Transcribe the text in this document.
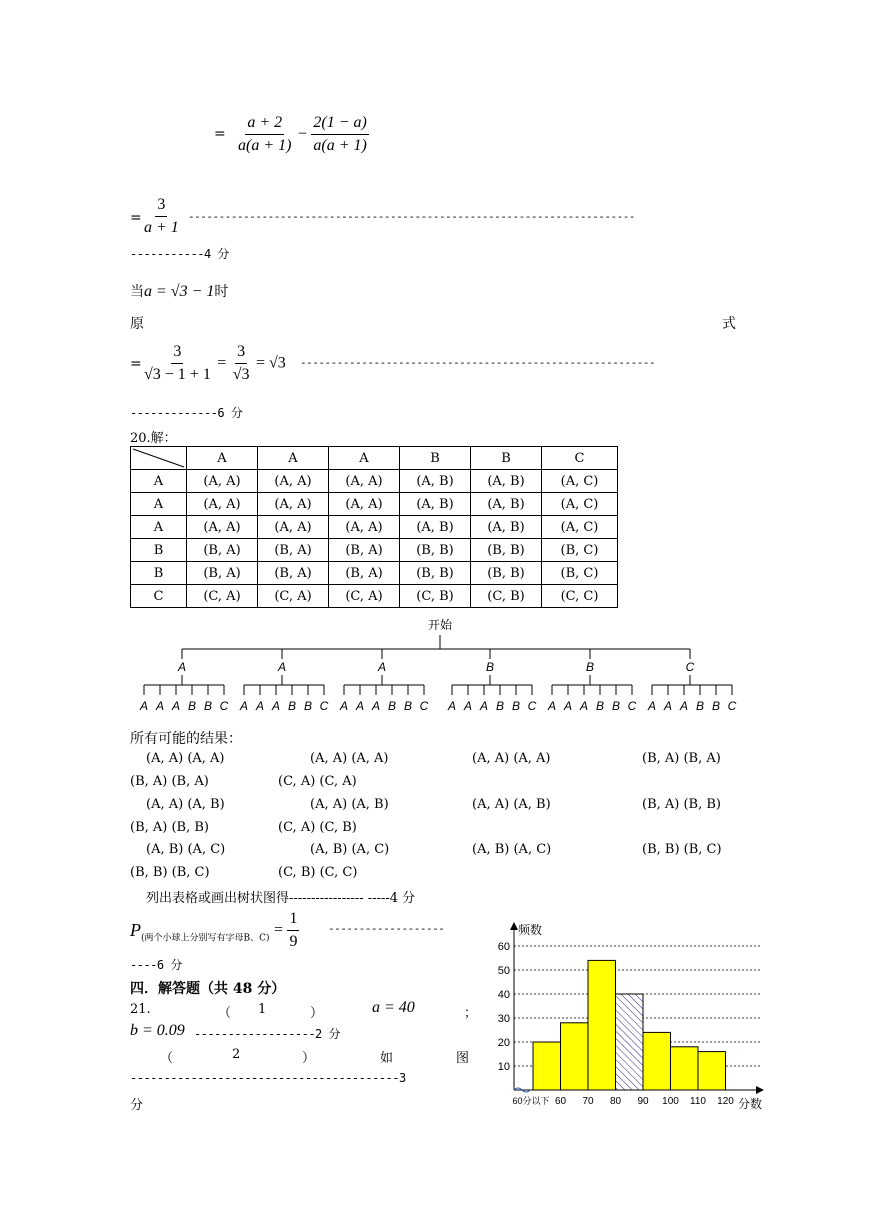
= $\frac{a + 2}{a(a + 1)} - \frac{2(1 - a)}{a(a + 1)}$
= $\frac{3}{a + 1}$ -------------------------------------------------------------------------
-----------4 分
当a = √3 − 1时
原	式
= $\frac{3}{√3 - 1 + 1} = \frac{3}{√3} = √3$ ----------------------------------------------------------
-------------6 分
20.解：
	A	A	A	B	B	C
A	(A, A)	(A, A)	(A, A)	(A, B)	(A, B)	(A, C)
A	(A, A)	(A, A)	(A, A)	(A, B)	(A, B)	(A, C)
A	(A, A)	(A, A)	(A, A)	(A, B)	(A, B)	(A, C)
B	(B, A)	(B, A)	(B, A)	(B, B)	(B, B)	(B, C)
B	(B, A)	(B, A)	(B, A)	(B, B)	(B, B)	(B, C)
C	(C, A)	(C, A)	(C, A)	(C, B)	(C, B)	(C, C)
开始
A
A A A B B C
A
A A A B B C
A
A A A B B C
B
A A A B B C
B
A A A B B C
C
A A A B B C
所有可能的结果：
(A, A) (A, A)	(A, A) (A, A)	(A, A) (A, A)	(B, A) (B, A)
(B, A) (B, A)	(C, A) (C, A)
(A, A) (A, B)	(A, A) (A, B)	(A, A) (A, B)	(B, A) (B, B)
(B, A) (B, B)	(C, A) (C, B)
(A, B) (A, C)	(A, B) (A, C)	(A, B) (A, C)	(B, B) (B, C)
(B, B) (B, C)	(C, B) (C, C)
列出表格或画出树状图得----------------- -----4 分
$P_{(两个小球上分别写有字母B、C)} = \frac{1}{9}$	-------------------
----6 分
四．解答题（共 48 分）
21.	（ 1	）	a = 40	；
b = 0.09 ------------------2 分
（	2	）	如	图
----------------------------------------3
分
10
20
30
40
50
60
频数
分数
60分以下 60 70 80 90 100 110 120
